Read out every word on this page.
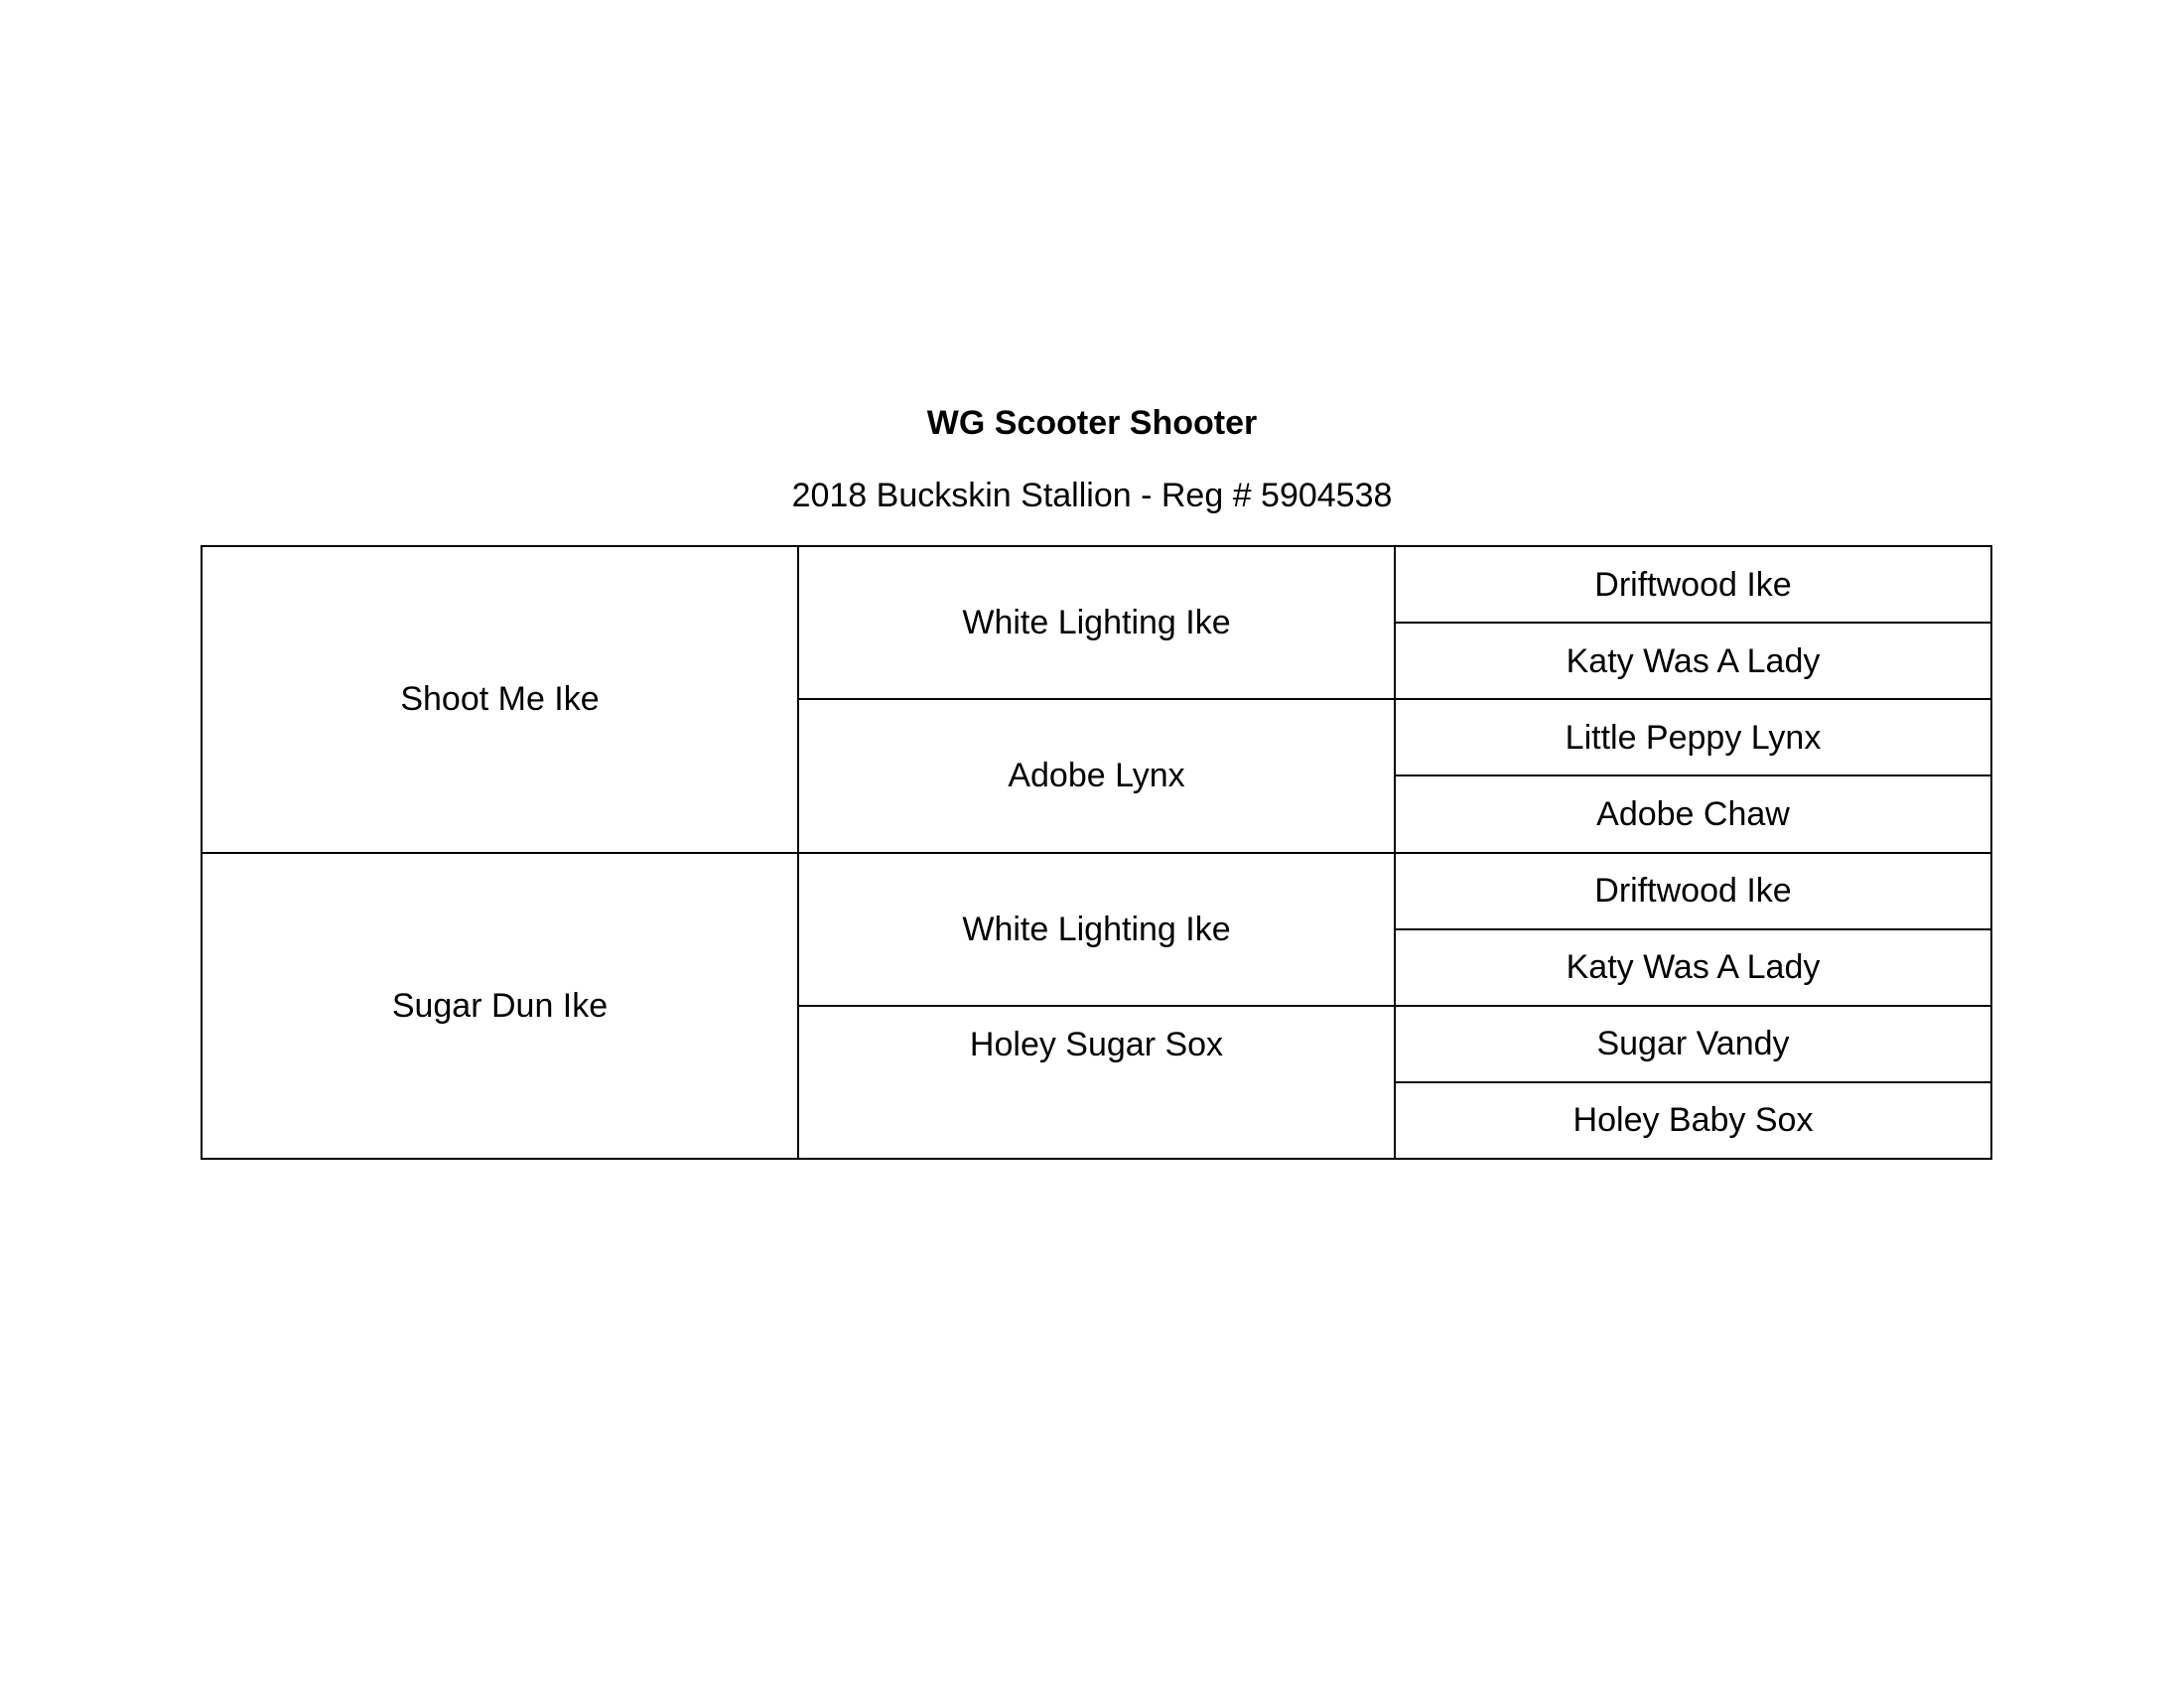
WG Scooter Shooter
2018 Buckskin Stallion - Reg # 5904538
Shoot Me Ike	White Lighting Ike	Driftwood Ike
		Katy Was A Lady
	Adobe Lynx	Little Peppy Lynx
		Adobe Chaw
Sugar Dun Ike	White Lighting Ike	Driftwood Ike
		Katy Was A Lady
	Holey Sugar Sox	Sugar Vandy
		Holey Baby Sox
